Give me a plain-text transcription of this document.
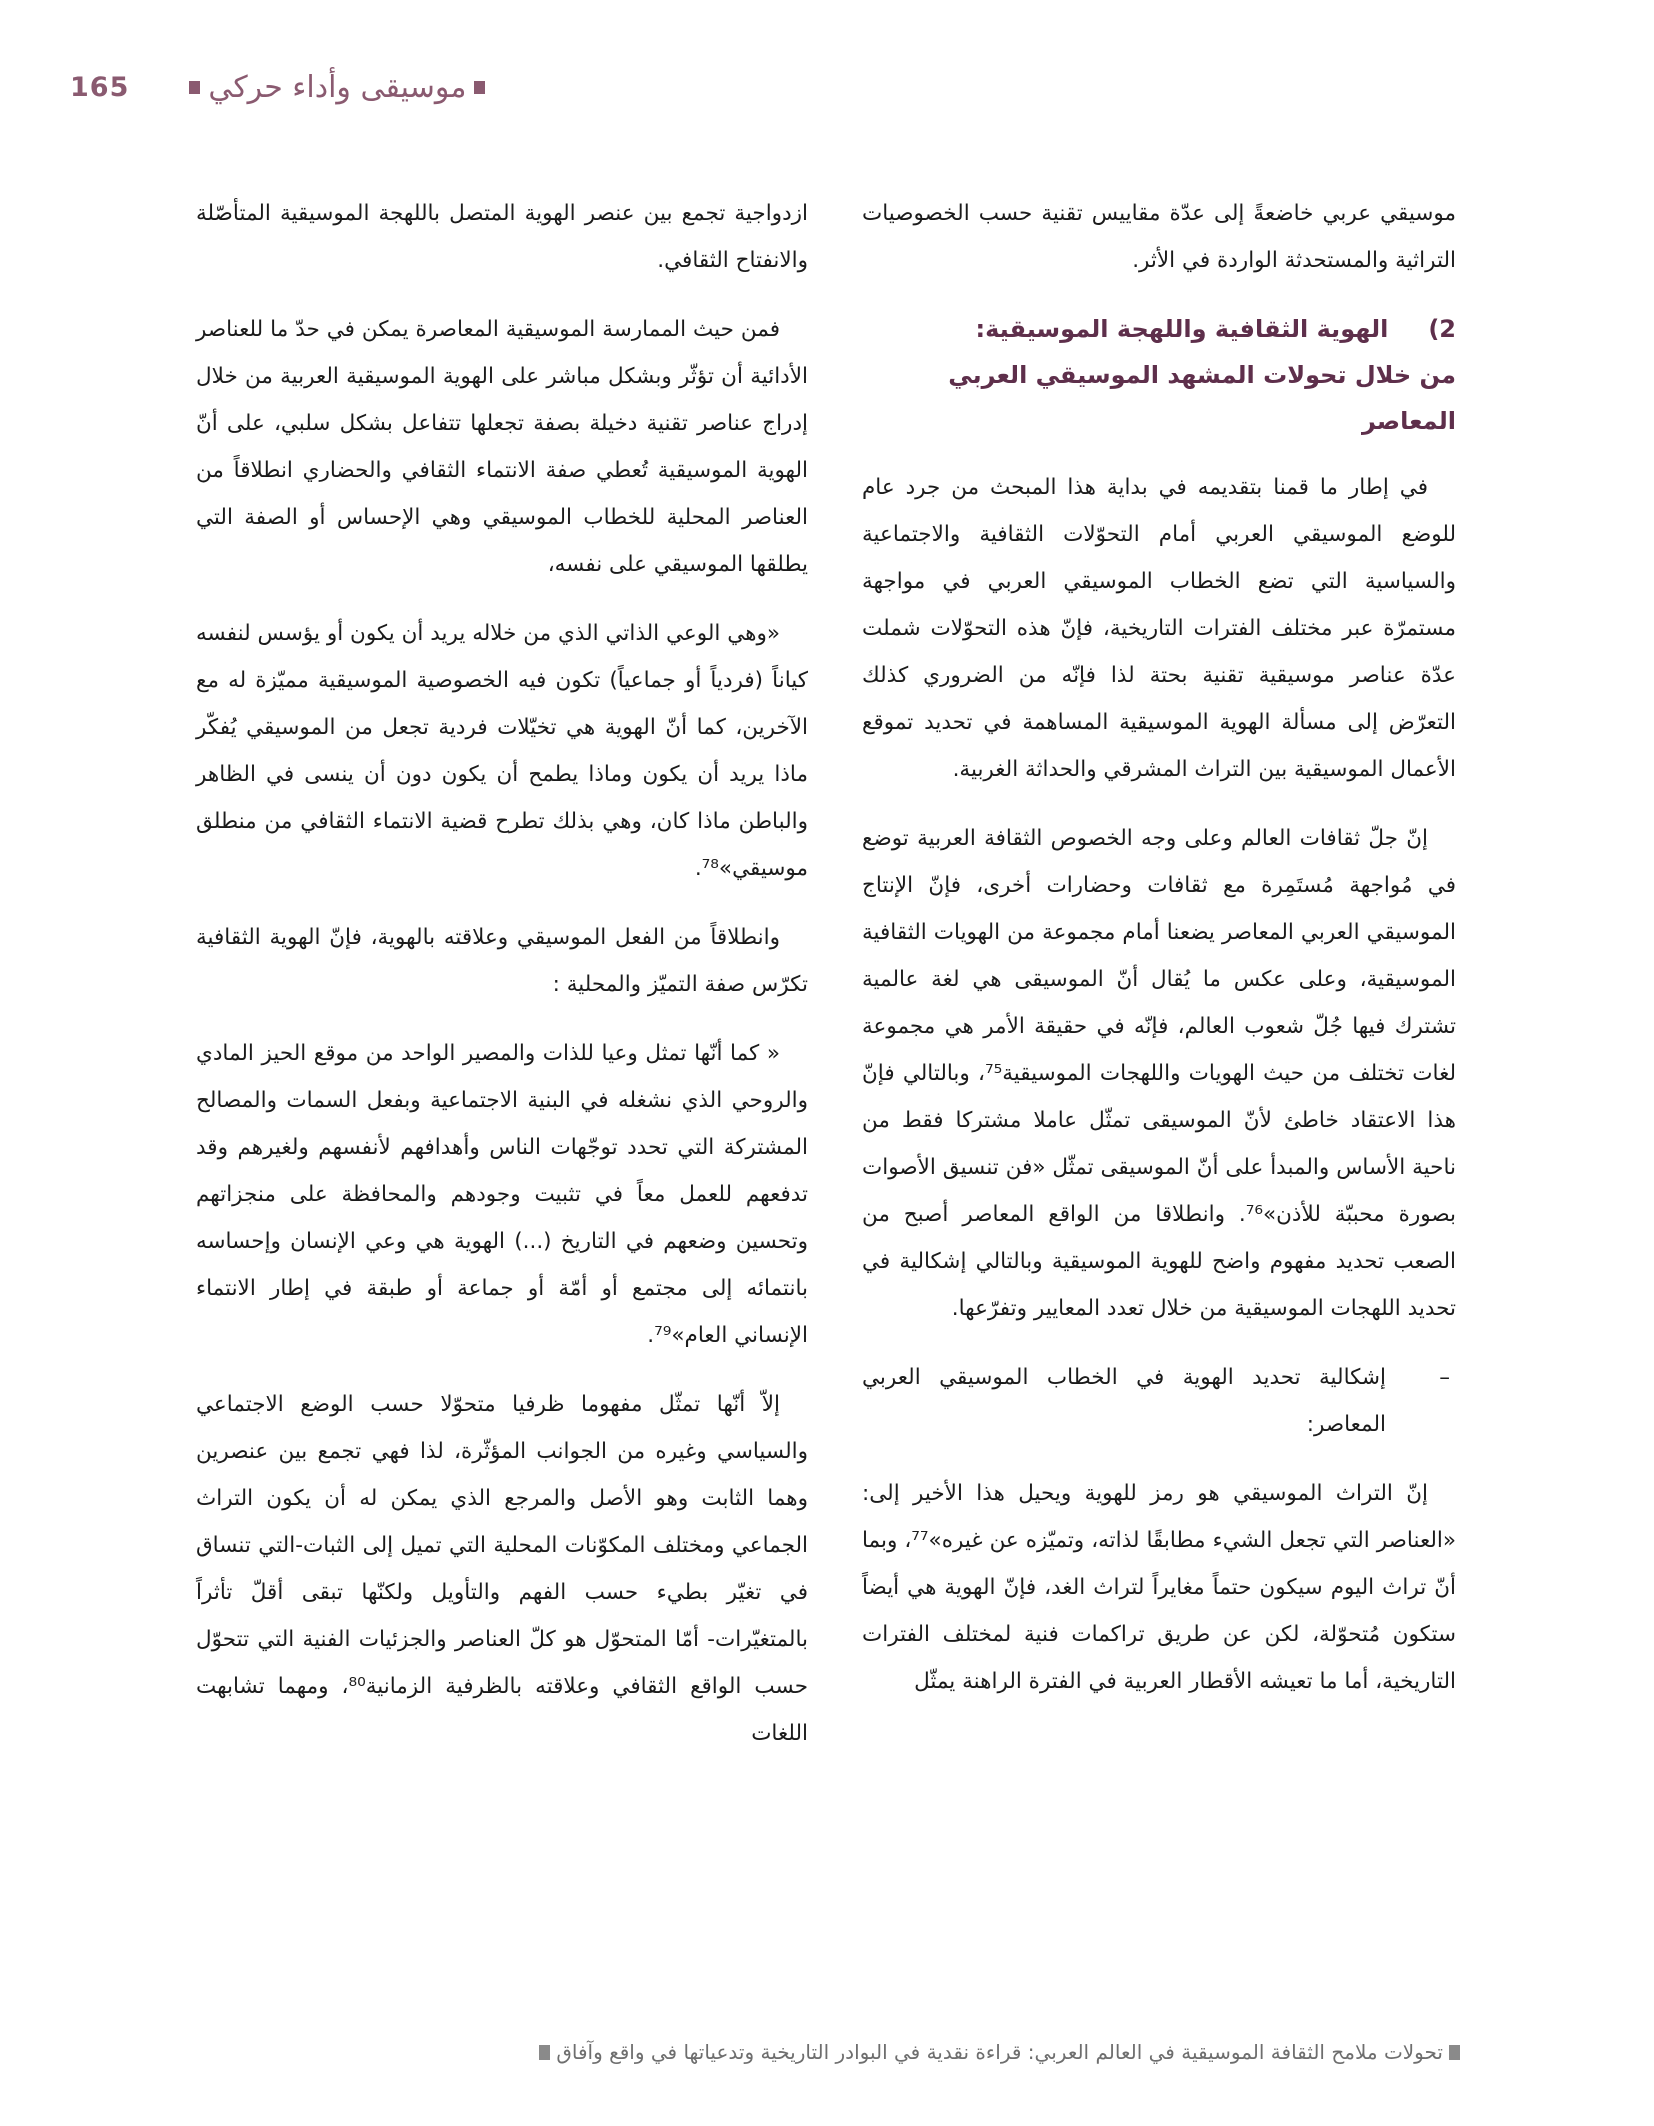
165	موسيقى وأداء حركي

موسيقي عربي خاضعةً إلى عدّة مقاييس تقنية حسب الخصوصيات التراثية والمستحدثة الواردة في الأثر.

2)الهوية الثقافية واللهجة الموسيقية:
من خلال تحولات المشهد الموسيقي العربي المعاصر

في إطار ما قمنا بتقديمه في بداية هذا المبحث من جرد عام للوضع الموسيقي العربي أمام التحوّلات الثقافية والاجتماعية والسياسية التي تضع الخطاب الموسيقي العربي في مواجهة مستمرّة عبر مختلف الفترات التاريخية، فإنّ هذه التحوّلات شملت عدّة عناصر موسيقية تقنية بحتة لذا فإنّه من الضروري كذلك التعرّض إلى مسألة الهوية الموسيقية المساهمة في تحديد تموقع الأعمال الموسيقية بين التراث المشرقي والحداثة الغربية.

إنّ جلّ ثقافات العالم وعلى وجه الخصوص الثقافة العربية توضع في مُواجهة مُستَمِرة مع ثقافات وحضارات أخرى، فإنّ الإنتاج الموسيقي العربي المعاصر يضعنا أمام مجموعة من الهويات الثقافية الموسيقية، وعلى عكس ما يُقال أنّ الموسيقى هي لغة عالمية تشترك فيها جُلّ شعوب العالم، فإنّه في حقيقة الأمر هي مجموعة لغات تختلف من حيث الهويات واللهجات الموسيقية⁷⁵، وبالتالي فإنّ هذا الاعتقاد خاطئ لأنّ الموسيقى تمثّل عاملا مشتركا فقط من ناحية الأساس والمبدأ على أنّ الموسيقى تمثّل «فن تنسيق الأصوات بصورة محببّة للأذن»⁷⁶. وانطلاقا من الواقع المعاصر أصبح من الصعب تحديد مفهوم واضح للهوية الموسيقية وبالتالي إشكالية في تحديد اللهجات الموسيقية من خلال تعدد المعايير وتفرّعها.

–
إشكالية تحديد الهوية في الخطاب الموسيقي العربي المعاصر:

إنّ التراث الموسيقي هو رمز للهوية ويحيل هذا الأخير إلى: «العناصر التي تجعل الشيء مطابقًا لذاته، وتميّزه عن غيره»⁷⁷، وبما أنّ تراث اليوم سيكون حتماً مغايراً لتراث الغد، فإنّ الهوية هي أيضاً ستكون مُتحوّلة، لكن عن طريق تراكمات فنية لمختلف الفترات التاريخية، أما ما تعيشه الأقطار العربية في الفترة الراهنة يمثّل

ازدواجية تجمع بين عنصر الهوية المتصل باللهجة الموسيقية المتأصّلة والانفتاح الثقافي.

فمن حيث الممارسة الموسيقية المعاصرة يمكن في حدّ ما للعناصر الأدائية أن تؤثّر وبشكل مباشر على الهوية الموسيقية العربية من خلال إدراج عناصر تقنية دخيلة بصفة تجعلها تتفاعل بشكل سلبي، على أنّ الهوية الموسيقية تُعطي صفة الانتماء الثقافي والحضاري انطلاقاً من العناصر المحلية للخطاب الموسيقي وهي الإحساس أو الصفة التي يطلقها الموسيقي على نفسه،

«وهي الوعي الذاتي الذي من خلاله يريد أن يكون أو يؤسس لنفسه كياناً (فردياً أو جماعياً) تكون فيه الخصوصية الموسيقية مميّزة له مع الآخرين، كما أنّ الهوية هي تخيّلات فردية تجعل من الموسيقي يُفكّر ماذا يريد أن يكون وماذا يطمح أن يكون دون أن ينسى في الظاهر والباطن ماذا كان، وهي بذلك تطرح قضية الانتماء الثقافي من منطلق موسيقي»⁷⁸.

وانطلاقاً من الفعل الموسيقي وعلاقته بالهوية، فإنّ الهوية الثقافية تكرّس صفة التميّز والمحلية :

« كما أنّها تمثل وعيا للذات والمصير الواحد من موقع الحيز المادي والروحي الذي نشغله في البنية الاجتماعية وبفعل السمات والمصالح المشتركة التي تحدد توجّهات الناس وأهدافهم لأنفسهم ولغيرهم وقد تدفعهم للعمل معاً في تثبيت وجودهم والمحافظة على منجزاتهم وتحسين وضعهم في التاريخ (...) الهوية هي وعي الإنسان وإحساسه بانتمائه إلى مجتمع أو أمّة أو جماعة أو طبقة في إطار الانتماء الإنساني العام»⁷⁹.

إلاّ أنّها تمثّل مفهوما ظرفيا متحوّلا حسب الوضع الاجتماعي والسياسي وغيره من الجوانب المؤثّرة، لذا فهي تجمع بين عنصرين وهما الثابت وهو الأصل والمرجع الذي يمكن له أن يكون التراث الجماعي ومختلف المكوّنات المحلية التي تميل إلى الثبات-التي تنساق في تغيّر بطيء حسب الفهم والتأويل ولكنّها تبقى أقلّ تأثراً بالمتغيّرات- أمّا المتحوّل هو كلّ العناصر والجزئيات الفنية التي تتحوّل حسب الواقع الثقافي وعلاقته بالظرفية الزمانية⁸⁰، ومهما تشابهت اللغات

تحولات ملامح الثقافة الموسيقية في العالم العربي: قراءة نقدية في البوادر التاريخية وتدعياتها في واقع وآفاق
